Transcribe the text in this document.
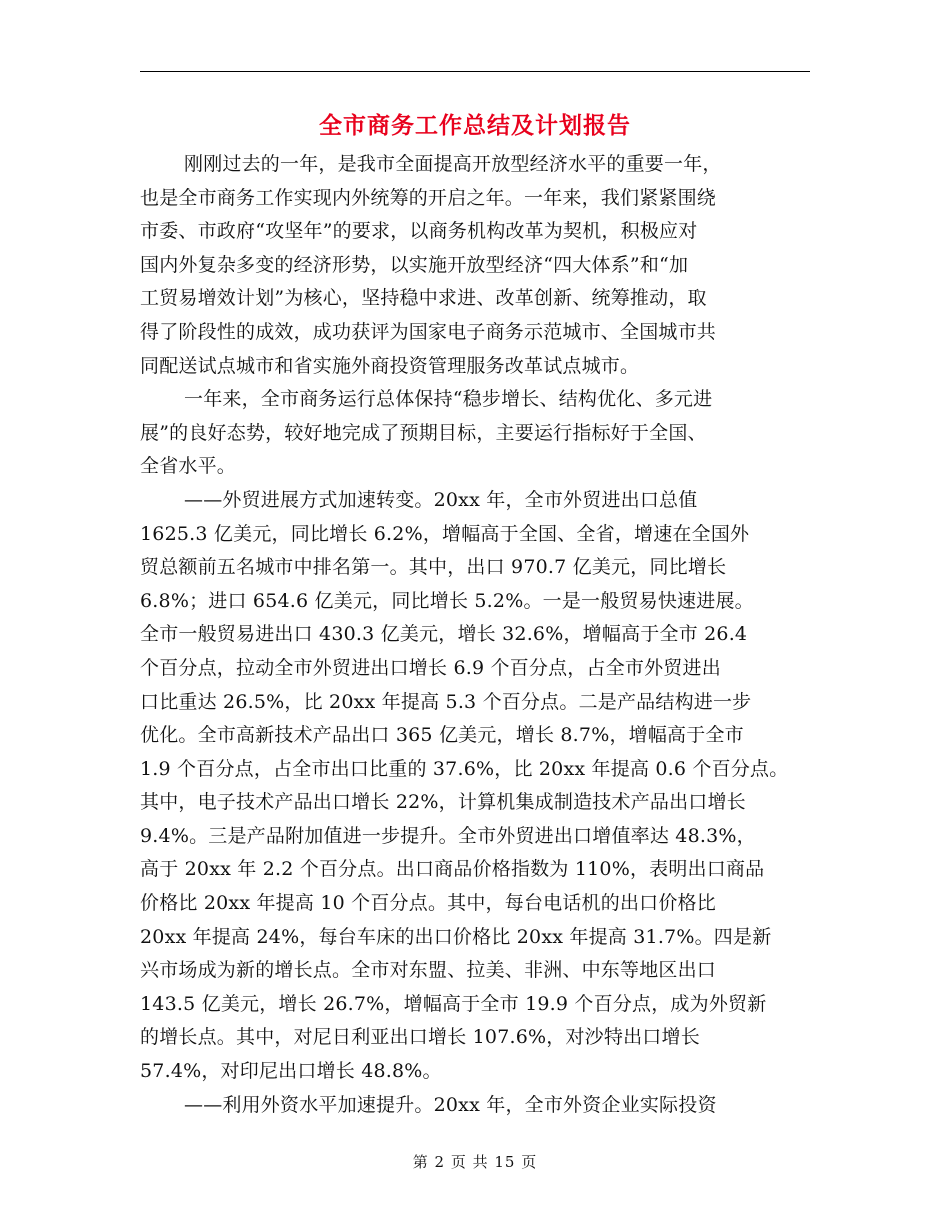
全市商务工作总结及计划报告
刚刚过去的一年，是我市全面提高开放型经济水平的重要一年，
也是全市商务工作实现内外统筹的开启之年。一年来，我们紧紧围绕
市委、市政府“攻坚年”的要求，以商务机构改革为契机，积极应对
国内外复杂多变的经济形势，以实施开放型经济“四大体系”和“加
工贸易增效计划”为核心，坚持稳中求进、改革创新、统筹推动，取
得了阶段性的成效，成功获评为国家电子商务示范城市、全国城市共
同配送试点城市和省实施外商投资管理服务改革试点城市。
一年来，全市商务运行总体保持“稳步增长、结构优化、多元进
展”的良好态势，较好地完成了预期目标，主要运行指标好于全国、
全省水平。
——外贸进展方式加速转变。20xx 年，全市外贸进出口总值
1625.3 亿美元，同比增长 6.2%，增幅高于全国、全省，增速在全国外
贸总额前五名城市中排名第一。其中，出口 970.7 亿美元，同比增长
6.8%；进口 654.6 亿美元，同比增长 5.2%。一是一般贸易快速进展。
全市一般贸易进出口 430.3 亿美元，增长 32.6%，增幅高于全市 26.4
个百分点，拉动全市外贸进出口增长 6.9 个百分点，占全市外贸进出
口比重达 26.5%，比 20xx 年提高 5.3 个百分点。二是产品结构进一步
优化。全市高新技术产品出口 365 亿美元，增长 8.7%，增幅高于全市
1.9 个百分点，占全市出口比重的 37.6%，比 20xx 年提高 0.6 个百分点。
其中，电子技术产品出口增长 22%，计算机集成制造技术产品出口增长
9.4%。三是产品附加值进一步提升。全市外贸进出口增值率达 48.3%，
高于 20xx 年 2.2 个百分点。出口商品价格指数为 110%，表明出口商品
价格比 20xx 年提高 10 个百分点。其中，每台电话机的出口价格比
20xx 年提高 24%，每台车床的出口价格比 20xx 年提高 31.7%。四是新
兴市场成为新的增长点。全市对东盟、拉美、非洲、中东等地区出口
143.5 亿美元，增长 26.7%，增幅高于全市 19.9 个百分点，成为外贸新
的增长点。其中，对尼日利亚出口增长 107.6%，对沙特出口增长
57.4%，对印尼出口增长 48.8%。
——利用外资水平加速提升。20xx 年，全市外资企业实际投资
第 2 页 共 15 页
